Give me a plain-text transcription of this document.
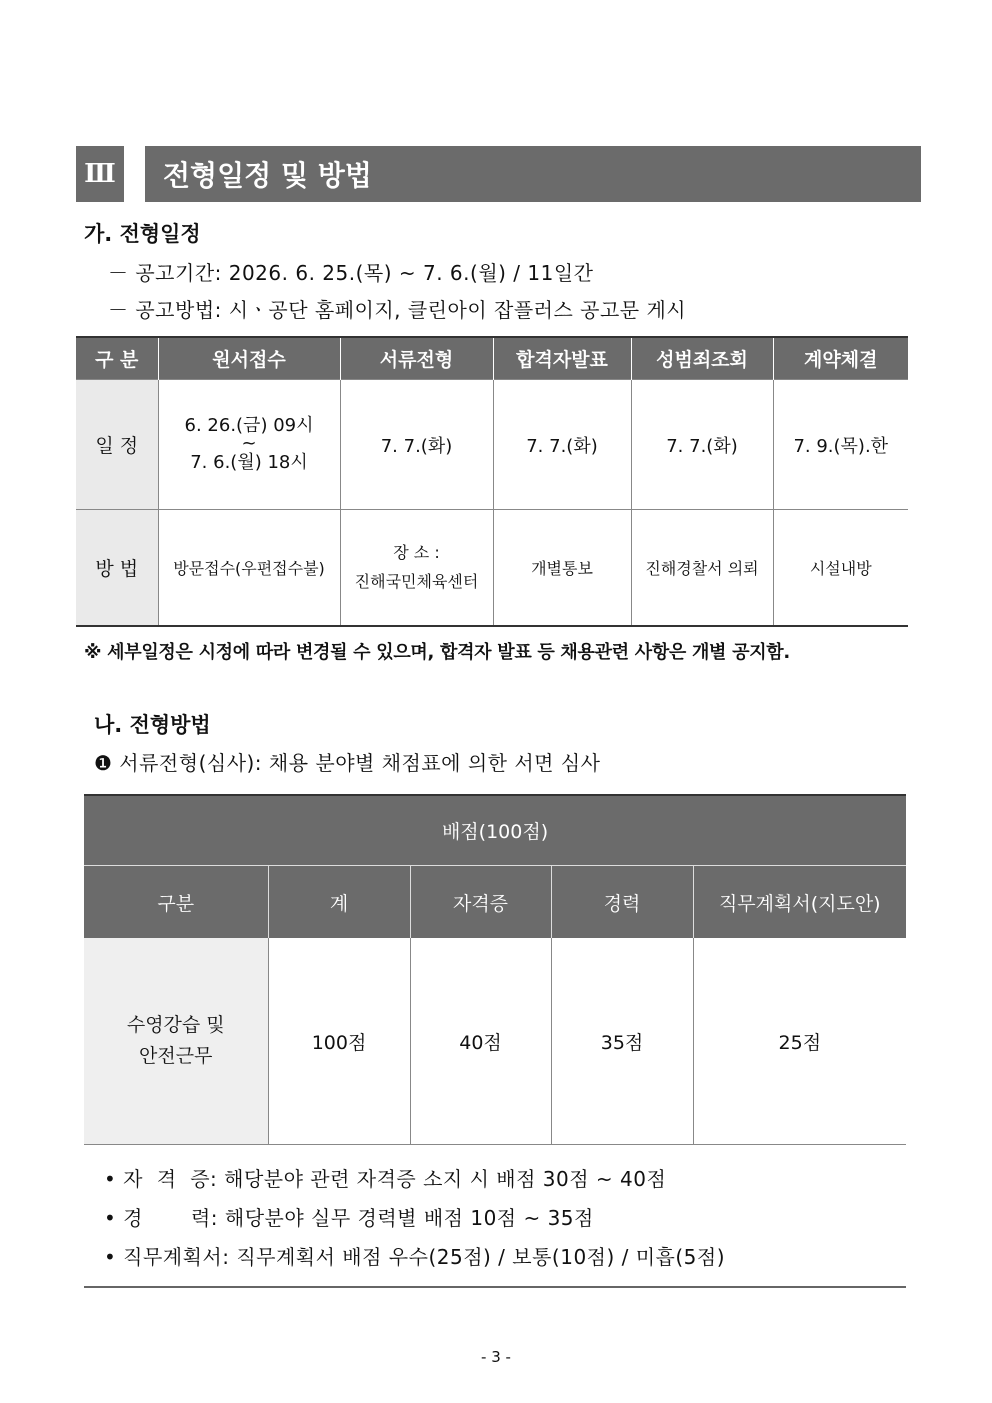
Ⅲ	전형일정 및 방법
가. 전형일정
－ 공고기간: 2026. 6. 25.(목) ~ 7. 6.(월) / 11일간
－ 공고방법: 시ㆍ공단 홈페이지, 클린아이 잡플러스 공고문 게시
구 분	원서접수	서류전형	합격자발표	성범죄조회	계약체결
일 정	6. 26.(금) 09시
~
7. 6.(월) 18시	7. 7.(화)	7. 7.(화)	7. 7.(화)	7. 9.(목).한
방 법	방문접수(우편접수불)	장 소 :
진해국민체육센터	개별통보	진해경찰서 의뢰	시설내방
※ 세부일정은 시정에 따라 변경될 수 있으며, 합격자 발표 등 채용관련 사항은 개별 공지함.
나. 전형방법
❶ 서류전형(심사): 채용 분야별 채점표에 의한 서면 심사
배점(100점)				
구분	계	자격증	경력	직무계획서(지도안)

수영강습 및
안전근무	100점	40점	35점	25점
• 자  격  증: 해당분야 관련 자격증 소지 시 배점 30점 ~ 40점
• 경       력: 해당분야 실무 경력별 배점 10점 ~ 35점
• 직무계획서: 직무계획서 배점 우수(25점) / 보통(10점) / 미흡(5점)
- 3 -
